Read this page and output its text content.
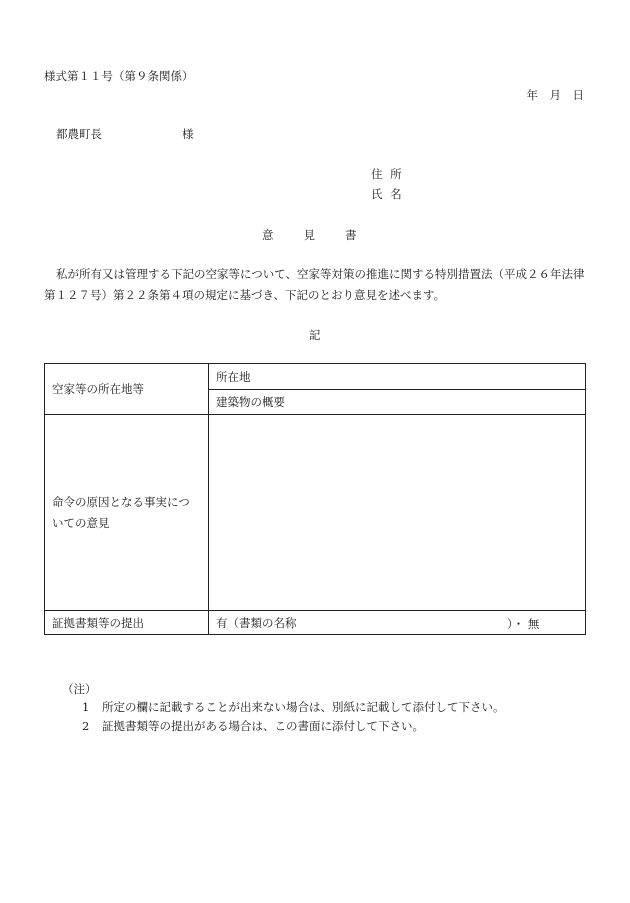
様式第１１号（第９条関係）
年　月　日
都農町長	様
住 所
氏 名
意見書
私が所有又は管理する下記の空家等について、空家等対策の推進に関する特別措置法（平成２６年法律第１２７号）第２２条第４項の規定に基づき、下記のとおり意見を述べます。
記
空家等の所在地等	所在地
	建築物の概要

命令の原因となる事実についての意見	

証拠書類等の提出	有（書類の名称 ）・ 無
（注）
1 所定の欄に記載することが出来ない場合は、別紙に記載して添付して下さい。
2 証拠書類等の提出がある場合は、この書面に添付して下さい。
